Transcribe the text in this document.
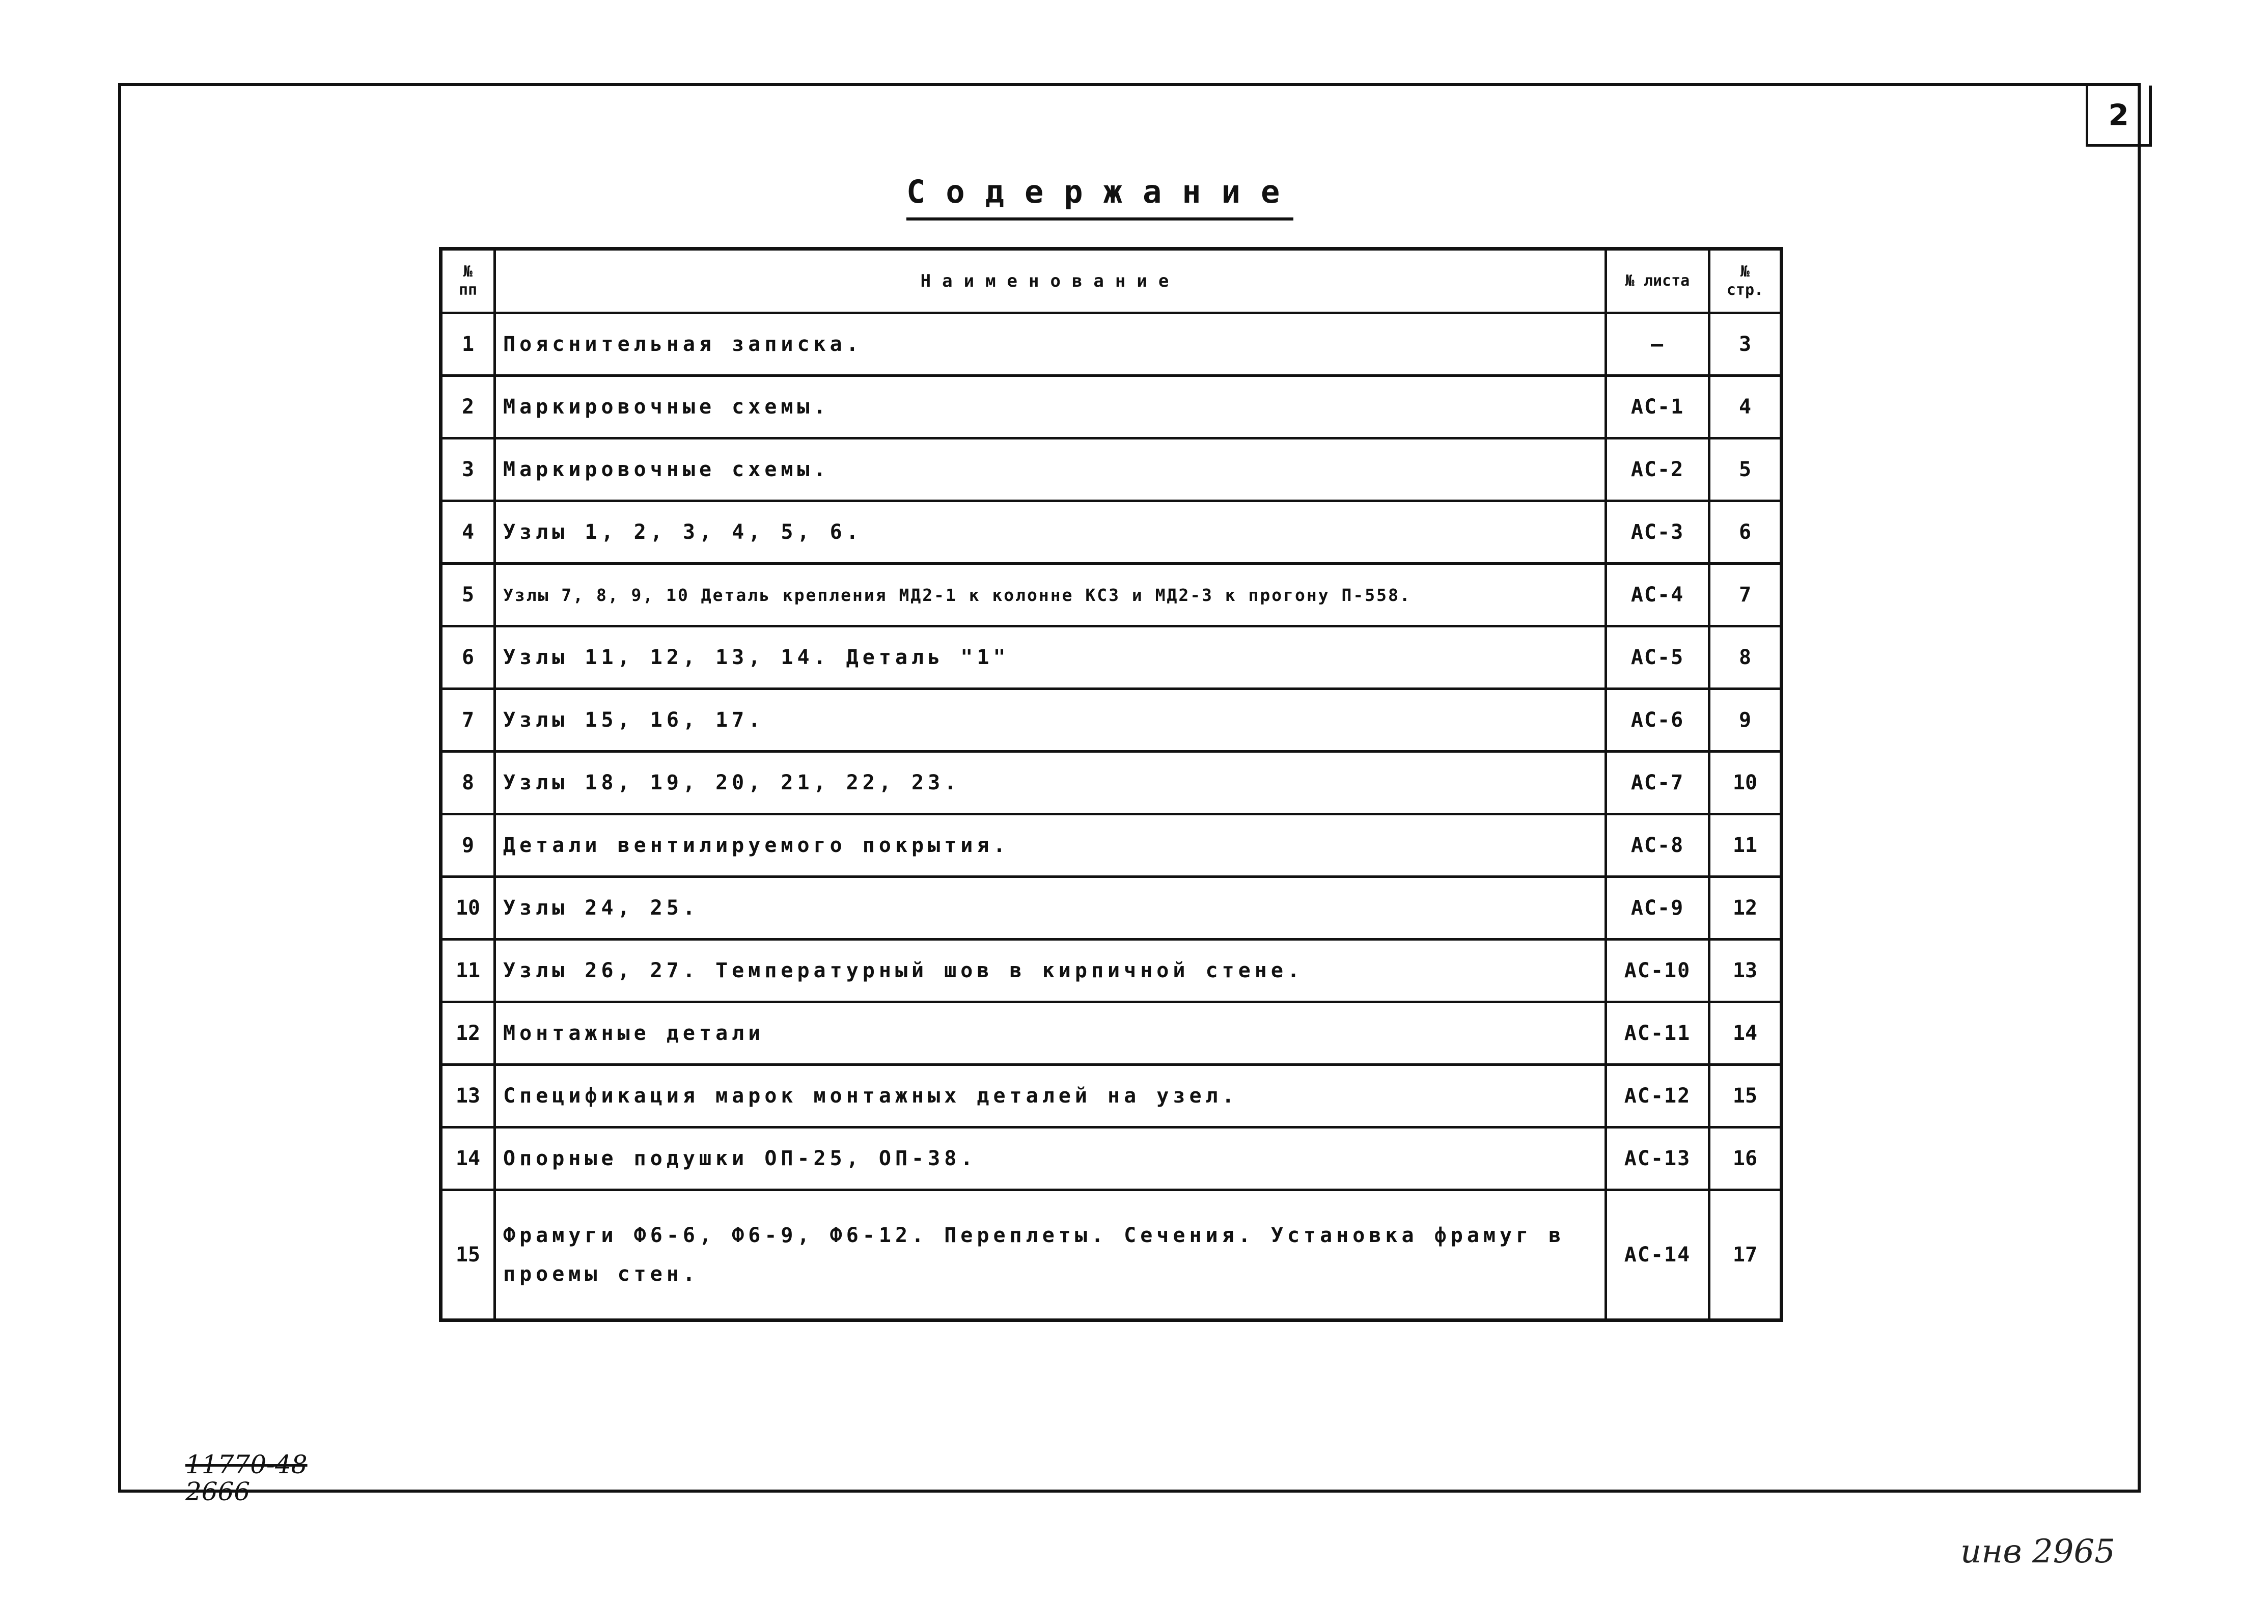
2
Содержание
№ пп	Наименование	№ листа	№ стр.
1	Пояснительная записка.	—	3
2	Маркировочные схемы.	АС-1	4
3	Маркировочные схемы.	АС-2	5
4	Узлы 1, 2, 3, 4, 5, 6.	АС-3	6
5	Узлы 7, 8, 9, 10 Деталь крепления МД2-1 к колонне КС3 и МД2-3 к прогону П-558.	АС-4	7
6	Узлы 11, 12, 13, 14. Деталь "1"	АС-5	8
7	Узлы 15, 16, 17.	АС-6	9
8	Узлы 18, 19, 20, 21, 22, 23.	АС-7	10
9	Детали вентилируемого покрытия.	АС-8	11
10	Узлы 24, 25.	АС-9	12
11	Узлы 26, 27. Температурный шов в кирпичной стене.	АС-10	13
12	Монтажные детали	АС-11	14
13	Спецификация марок монтажных деталей на узел.	АС-12	15
14	Опорные подушки ОП-25, ОП-38.	АС-13	16
15	Фрамуги Ф6-6, Ф6-9, Ф6-12. Переплеты. Сечения. Установка фрамуг в проемы стен.	АС-14	17
11770-48
2666
инв 2965
